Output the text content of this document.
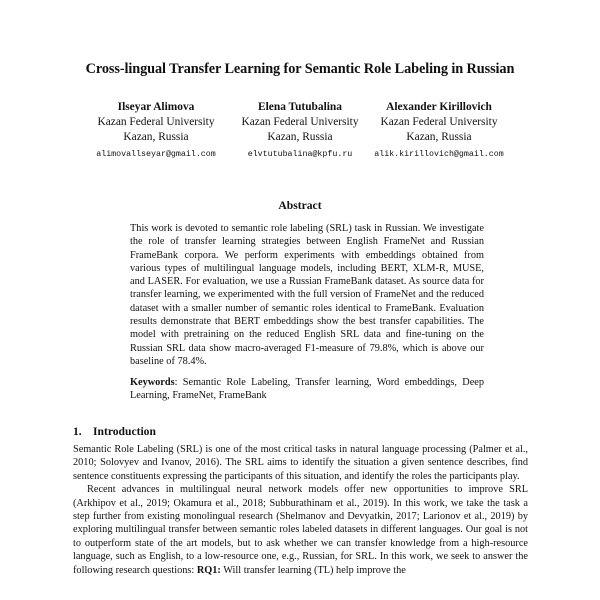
Cross-lingual Transfer Learning for Semantic Role Labeling in Russian
Ilseyar Alimova
Kazan Federal University
Kazan, Russia
alimovallseyar@gmail.com
Elena Tutubalina
Kazan Federal University
Kazan, Russia
elvtutubalina@kpfu.ru
Alexander Kirillovich
Kazan Federal University
Kazan, Russia
alik.kirillovich@gmail.com
Abstract
This work is devoted to semantic role labeling (SRL) task in Russian. We investigate the role of transfer learning strategies between English FrameNet and Russian FrameBank corpora. We perform experiments with embeddings obtained from various types of multilingual language models, including BERT, XLM-R, MUSE, and LASER. For evaluation, we use a Russian FrameBank dataset. As source data for transfer learning, we experimented with the full version of FrameNet and the reduced dataset with a smaller number of semantic roles identical to FrameBank. Evaluation results demonstrate that BERT embeddings show the best transfer capabilities. The model with pretraining on the reduced English SRL data and fine-tuning on the Russian SRL data show macro-averaged F1-measure of 79.8%, which is above our baseline of 78.4%.
Keywords: Semantic Role Labeling, Transfer learning, Word embeddings, Deep Learning, FrameNet, FrameBank
1. Introduction

Semantic Role Labeling (SRL) is one of the most critical tasks in natural language processing (Palmer et al., 2010; Solovyev and Ivanov, 2016). The SRL aims to identify the situation a given sentence describes, find sentence constituents expressing the participants of this situation, and identify the roles the participants play.

Recent advances in multilingual neural network models offer new opportunities to improve SRL (Arkhipov et al., 2019; Okamura et al., 2018; Subburathinam et al., 2019). In this work, we take the task a step further from existing monolingual research (Shelmanov and Devyatkin, 2017; Larionov et al., 2019) by exploring multilingual transfer between semantic roles labeled datasets in different languages. Our goal is not to outperform state of the art models, but to ask whether we can transfer knowledge from a high-resource language, such as English, to a low-resource one, e.g., Russian, for SRL. In this work, we seek to answer the following research questions: RQ1: Will transfer learning (TL) help improve the
